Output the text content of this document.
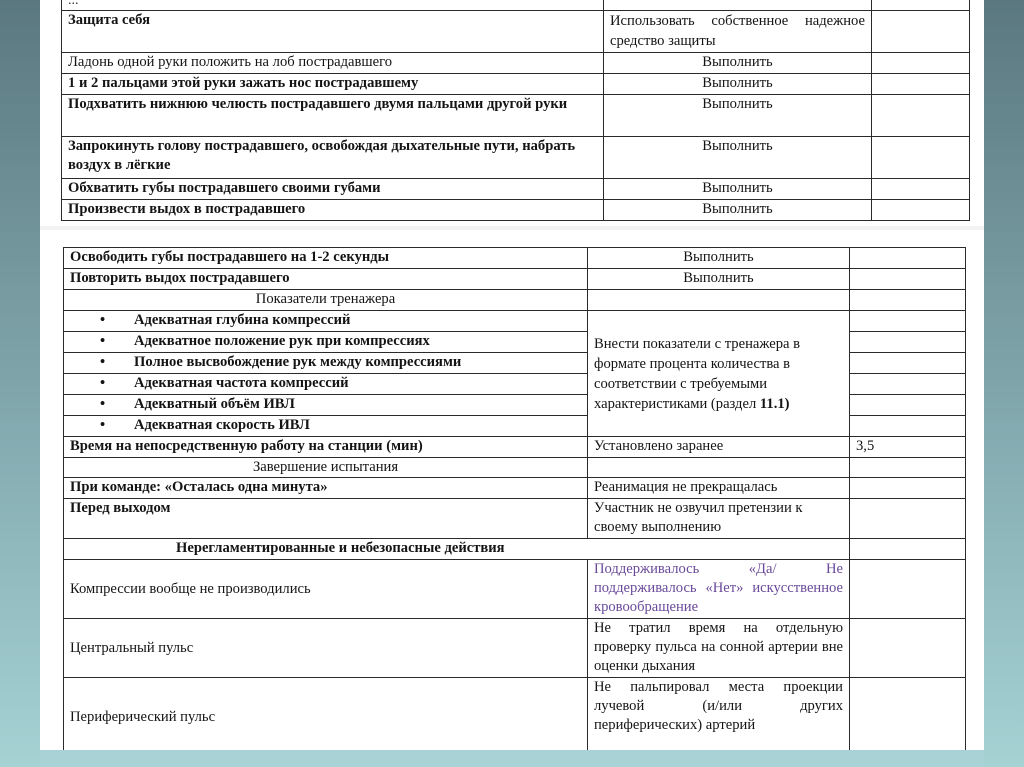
...		
Защита себя	Использовать собственное надежное средство защиты	
Ладонь одной руки положить на лоб пострадавшего	Выполнить	
1 и 2 пальцами этой руки зажать нос пострадавшему	Выполнить	
Подхватить нижнюю челюсть пострадавшего двумя пальцами другой руки	Выполнить	
Запрокинуть голову пострадавшего, освобождая дыхательные пути, набрать воздух в лёгкие	Выполнить	
Обхватить губы пострадавшего своими губами	Выполнить	
Произвести выдох в пострадавшего	Выполнить	
Освободить губы пострадавшего на 1-2 секунды	Выполнить	
Повторить выдох пострадавшего	Выполнить	
Показатели тренажера		
• Адекватная глубина компрессий	Внести показатели с тренажера в формате процента количества в соответствии с требуемыми характеристиками (раздел 11.1)	
• Адекватное положение рук при компрессиях	
• Полное высвобождение рук между компрессиями	
• Адекватная частота компрессий	
• Адекватный объём ИВЛ	
• Адекватная скорость ИВЛ	
Время на непосредственную работу на станции (мин)	Установлено заранее	3,5
Завершение испытания		
При команде: «Осталась одна минута»	Реанимация не прекращалась	
Перед выходом	Участник не озвучил претензии к своему выполнению	
Нерегламентированные и небезопасные действия		
Компрессии вообще не производились	Поддерживалось «Да/ Не поддерживалось «Нет» искусственное кровообращение	
Центральный пульс	Не тратил время на отдельную проверку пульса на сонной артерии вне оценки дыхания	
Периферический пульс	Не пальпировал места проекции лучевой (и/или других периферических) артерий	
